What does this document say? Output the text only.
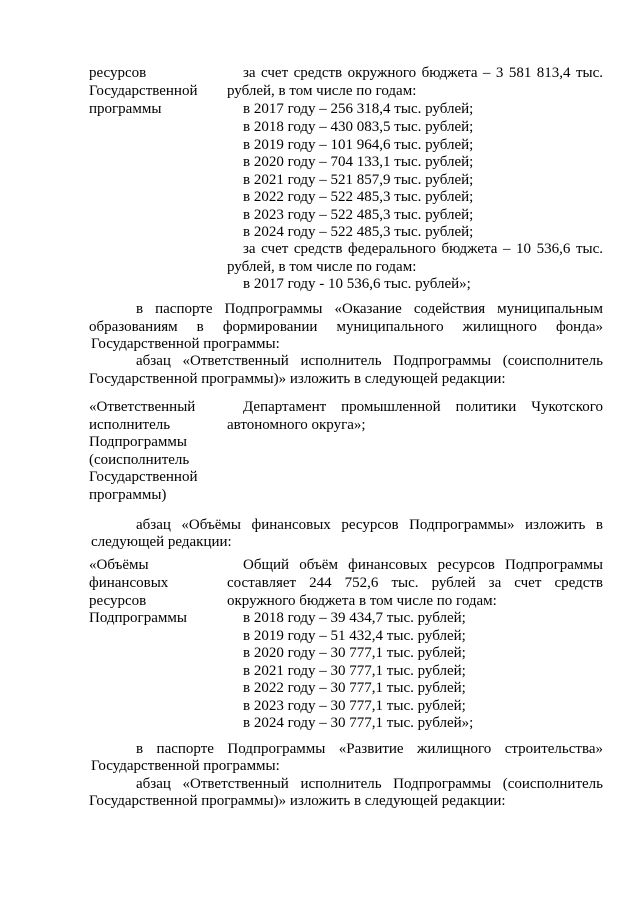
ресурсов
Государственной
программы
за счет средств окружного бюджета – 3 581 813,4 тыс.
рублей, в том числе по годам:
в 2017 году – 256 318,4 тыс. рублей;
в 2018 году – 430 083,5 тыс. рублей;
в 2019 году – 101 964,6 тыс. рублей;
в 2020 году – 704 133,1 тыс. рублей;
в 2021 году – 521 857,9 тыс. рублей;
в 2022 году – 522 485,3 тыс. рублей;
в 2023 году – 522 485,3 тыс. рублей;
в 2024 году – 522 485,3 тыс. рублей;
за счет средств федерального бюджета – 10 536,6 тыс.
рублей, в том числе по годам:
в 2017 году - 10 536,6 тыс. рублей»;
в паспорте Подпрограммы «Оказание содействия муниципальным
образованиям в формировании муниципального жилищного фонда»
Государственной программы:
абзац «Ответственный исполнитель Подпрограммы (соисполнитель
Государственной программы)» изложить в следующей редакции:
«Ответственный
исполнитель
Подпрограммы
(соисполнитель
Государственной
программы)
Департамент промышленной политики Чукотского
автономного округа»;
абзац «Объёмы финансовых ресурсов Подпрограммы» изложить в
следующей редакции:
«Объёмы
финансовых
ресурсов
Подпрограммы
Общий объём финансовых ресурсов Подпрограммы
составляет 244 752,6 тыс. рублей за счет средств
окружного бюджета в том числе по годам:
в 2018 году – 39 434,7 тыс. рублей;
в 2019 году – 51 432,4 тыс. рублей;
в 2020 году – 30 777,1 тыс. рублей;
в 2021 году – 30 777,1 тыс. рублей;
в 2022 году – 30 777,1 тыс. рублей;
в 2023 году – 30 777,1 тыс. рублей;
в 2024 году – 30 777,1 тыс. рублей»;
в паспорте Подпрограммы «Развитие жилищного строительства»
Государственной программы:
абзац «Ответственный исполнитель Подпрограммы (соисполнитель
Государственной программы)» изложить в следующей редакции:
